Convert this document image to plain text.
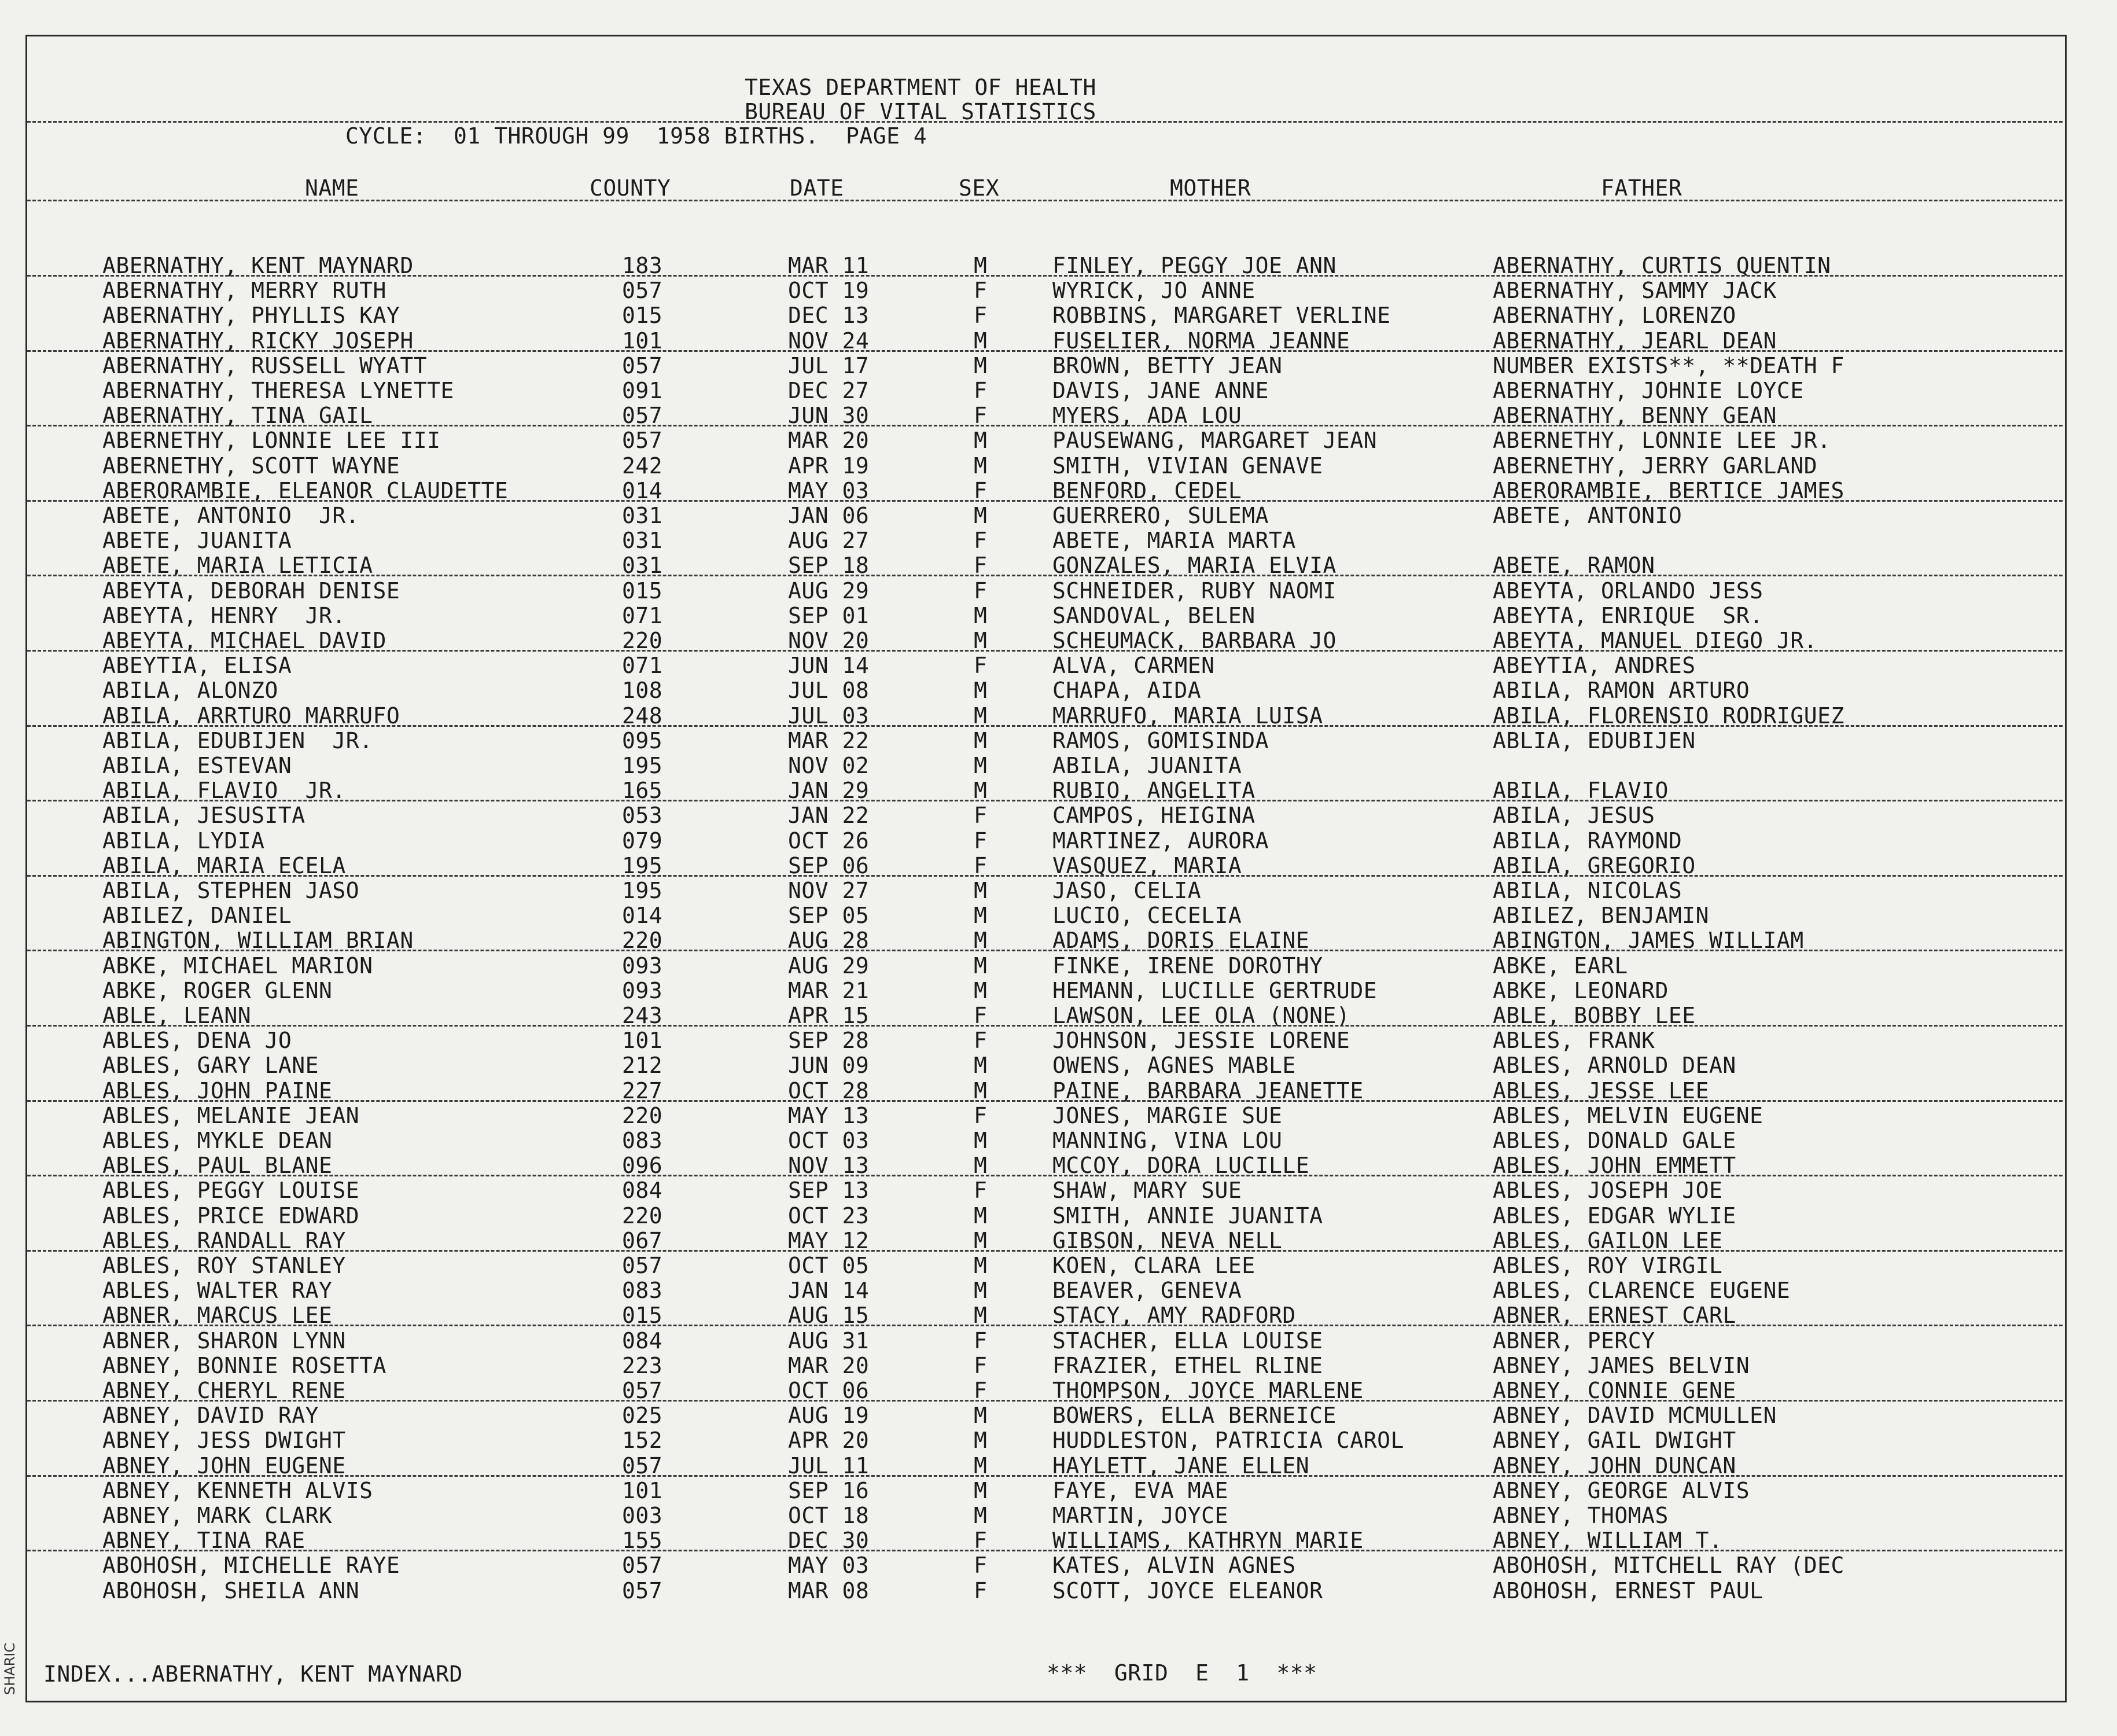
SHARIC
TEXAS DEPARTMENT OF HEALTH
BUREAU OF VITAL STATISTICS
CYCLE:  01 THROUGH 99  1958 BIRTHS.  PAGE 4
NAME	COUNTY	DATE	SEX	MOTHER	FATHER
ABERNATHY, KENT MAYNARD	183	MAR 11	M	FINLEY, PEGGY JOE ANN	ABERNATHY, CURTIS QUENTIN
ABERNATHY, MERRY RUTH	057	OCT 19	F	WYRICK, JO ANNE	ABERNATHY, SAMMY JACK
ABERNATHY, PHYLLIS KAY	015	DEC 13	F	ROBBINS, MARGARET VERLINE	ABERNATHY, LORENZO
ABERNATHY, RICKY JOSEPH	101	NOV 24	M	FUSELIER, NORMA JEANNE	ABERNATHY, JEARL DEAN
ABERNATHY, RUSSELL WYATT	057	JUL 17	M	BROWN, BETTY JEAN	NUMBER EXISTS**, **DEATH F
ABERNATHY, THERESA LYNETTE	091	DEC 27	F	DAVIS, JANE ANNE	ABERNATHY, JOHNIE LOYCE
ABERNATHY, TINA GAIL	057	JUN 30	F	MYERS, ADA LOU	ABERNATHY, BENNY GEAN
ABERNETHY, LONNIE LEE III	057	MAR 20	M	PAUSEWANG, MARGARET JEAN	ABERNETHY, LONNIE LEE JR.
ABERNETHY, SCOTT WAYNE	242	APR 19	M	SMITH, VIVIAN GENAVE	ABERNETHY, JERRY GARLAND
ABERORAMBIE, ELEANOR CLAUDETTE	014	MAY 03	F	BENFORD, CEDEL	ABERORAMBIE, BERTICE JAMES
ABETE, ANTONIO  JR.	031	JAN 06	M	GUERRERO, SULEMA	ABETE, ANTONIO
ABETE, JUANITA	031	AUG 27	F	ABETE, MARIA MARTA
ABETE, MARIA LETICIA	031	SEP 18	F	GONZALES, MARIA ELVIA	ABETE, RAMON
ABEYTA, DEBORAH DENISE	015	AUG 29	F	SCHNEIDER, RUBY NAOMI	ABEYTA, ORLANDO JESS
ABEYTA, HENRY  JR.	071	SEP 01	M	SANDOVAL, BELEN	ABEYTA, ENRIQUE  SR.
ABEYTA, MICHAEL DAVID	220	NOV 20	M	SCHEUMACK, BARBARA JO	ABEYTA, MANUEL DIEGO JR.
ABEYTIA, ELISA	071	JUN 14	F	ALVA, CARMEN	ABEYTIA, ANDRES
ABILA, ALONZO	108	JUL 08	M	CHAPA, AIDA	ABILA, RAMON ARTURO
ABILA, ARRTURO MARRUFO	248	JUL 03	M	MARRUFO, MARIA LUISA	ABILA, FLORENSIO RODRIGUEZ
ABILA, EDUBIJEN  JR.	095	MAR 22	M	RAMOS, GOMISINDA	ABLIA, EDUBIJEN
ABILA, ESTEVAN	195	NOV 02	M	ABILA, JUANITA
ABILA, FLAVIO  JR.	165	JAN 29	M	RUBIO, ANGELITA	ABILA, FLAVIO
ABILA, JESUSITA	053	JAN 22	F	CAMPOS, HEIGINA	ABILA, JESUS
ABILA, LYDIA	079	OCT 26	F	MARTINEZ, AURORA	ABILA, RAYMOND
ABILA, MARIA ECELA	195	SEP 06	F	VASQUEZ, MARIA	ABILA, GREGORIO
ABILA, STEPHEN JASO	195	NOV 27	M	JASO, CELIA	ABILA, NICOLAS
ABILEZ, DANIEL	014	SEP 05	M	LUCIO, CECELIA	ABILEZ, BENJAMIN
ABINGTON, WILLIAM BRIAN	220	AUG 28	M	ADAMS, DORIS ELAINE	ABINGTON, JAMES WILLIAM
ABKE, MICHAEL MARION	093	AUG 29	M	FINKE, IRENE DOROTHY	ABKE, EARL
ABKE, ROGER GLENN	093	MAR 21	M	HEMANN, LUCILLE GERTRUDE	ABKE, LEONARD
ABLE, LEANN	243	APR 15	F	LAWSON, LEE OLA (NONE)	ABLE, BOBBY LEE
ABLES, DENA JO	101	SEP 28	F	JOHNSON, JESSIE LORENE	ABLES, FRANK
ABLES, GARY LANE	212	JUN 09	M	OWENS, AGNES MABLE	ABLES, ARNOLD DEAN
ABLES, JOHN PAINE	227	OCT 28	M	PAINE, BARBARA JEANETTE	ABLES, JESSE LEE
ABLES, MELANIE JEAN	220	MAY 13	F	JONES, MARGIE SUE	ABLES, MELVIN EUGENE
ABLES, MYKLE DEAN	083	OCT 03	M	MANNING, VINA LOU	ABLES, DONALD GALE
ABLES, PAUL BLANE	096	NOV 13	M	MCCOY, DORA LUCILLE	ABLES, JOHN EMMETT
ABLES, PEGGY LOUISE	084	SEP 13	F	SHAW, MARY SUE	ABLES, JOSEPH JOE
ABLES, PRICE EDWARD	220	OCT 23	M	SMITH, ANNIE JUANITA	ABLES, EDGAR WYLIE
ABLES, RANDALL RAY	067	MAY 12	M	GIBSON, NEVA NELL	ABLES, GAILON LEE
ABLES, ROY STANLEY	057	OCT 05	M	KOEN, CLARA LEE	ABLES, ROY VIRGIL
ABLES, WALTER RAY	083	JAN 14	M	BEAVER, GENEVA	ABLES, CLARENCE EUGENE
ABNER, MARCUS LEE	015	AUG 15	M	STACY, AMY RADFORD	ABNER, ERNEST CARL
ABNER, SHARON LYNN	084	AUG 31	F	STACHER, ELLA LOUISE	ABNER, PERCY
ABNEY, BONNIE ROSETTA	223	MAR 20	F	FRAZIER, ETHEL RLINE	ABNEY, JAMES BELVIN
ABNEY, CHERYL RENE	057	OCT 06	F	THOMPSON, JOYCE MARLENE	ABNEY, CONNIE GENE
ABNEY, DAVID RAY	025	AUG 19	M	BOWERS, ELLA BERNEICE	ABNEY, DAVID MCMULLEN
ABNEY, JESS DWIGHT	152	APR 20	M	HUDDLESTON, PATRICIA CAROL	ABNEY, GAIL DWIGHT
ABNEY, JOHN EUGENE	057	JUL 11	M	HAYLETT, JANE ELLEN	ABNEY, JOHN DUNCAN
ABNEY, KENNETH ALVIS	101	SEP 16	M	FAYE, EVA MAE	ABNEY, GEORGE ALVIS
ABNEY, MARK CLARK	003	OCT 18	M	MARTIN, JOYCE	ABNEY, THOMAS
ABNEY, TINA RAE	155	DEC 30	F	WILLIAMS, KATHRYN MARIE	ABNEY, WILLIAM T.
ABOHOSH, MICHELLE RAYE	057	MAY 03	F	KATES, ALVIN AGNES	ABOHOSH, MITCHELL RAY (DEC
ABOHOSH, SHEILA ANN	057	MAR 08	F	SCOTT, JOYCE ELEANOR	ABOHOSH, ERNEST PAUL
INDEX...ABERNATHY, KENT MAYNARD	***  GRID  E  1  ***
